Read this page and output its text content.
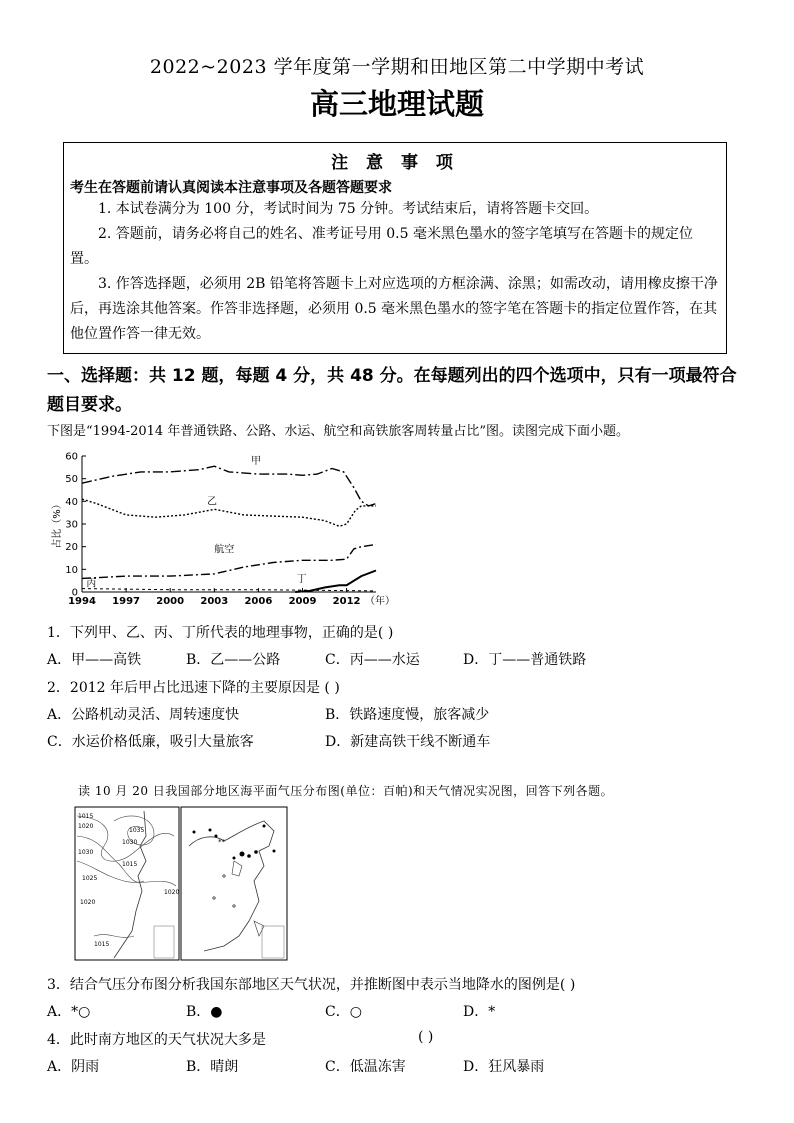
2022~2023 学年度第一学期和田地区第二中学期中考试
高三地理试题
注 意 事 项
考生在答题前请认真阅读本注意事项及各题答题要求
1. 本试卷满分为 100 分，考试时间为 75 分钟。考试结束后，请将答题卡交回。
2. 答题前，请务必将自己的姓名、准考证号用 0.5 毫米黑色墨水的签字笔填写在答题卡的规定位置。
3. 作答选择题，必须用 2B 铅笔将答题卡上对应选项的方框涂满、涂黑；如需改动，请用橡皮擦干净后，再选涂其他答案。作答非选择题，必须用 0.5 毫米黑色墨水的签字笔在答题卡的指定位置作答，在其他位置作答一律无效。
一、选择题：共 12 题，每题 4 分，共 48 分。在每题列出的四个选项中，只有一项最符合题目要求。
下图是“1994-2014 年普通铁路、公路、水运、航空和高铁旅客周转量占比”图。读图完成下面小题。
0
10
20
30
40
50
60
1994 1997 2000 2003 2006 2009 2012 （年）
占比（%）
甲
乙
航空
丙	丁
1．下列甲、乙、丙、丁所代表的地理事物，正确的是( )
A．甲——高铁	B．乙——公路	C．丙——水运	D．丁——普通铁路
2．2012 年后甲占比迅速下降的主要原因是 ( )
A．公路机动灵活、周转速度快	B．铁路速度慢，旅客减少
C．水运价格低廉，吸引大量旅客	D．新建高铁干线不断通车
读 10 月 20 日我国部分地区海平面气压分布图(单位：百帕)和天气情况实况图，回答下列各题。
1015
1020
1030
1035
1030
1025
1015
1020
1020
1015
**
3．结合气压分布图分析我国东部地区天气状况，并推断图中表示当地降水的图例是( )
A．*○	B．●	C．○	D．*
4．此时南方地区的天气状况大多是	( )
A．阴雨	B．晴朗	C．低温冻害	D．狂风暴雨
